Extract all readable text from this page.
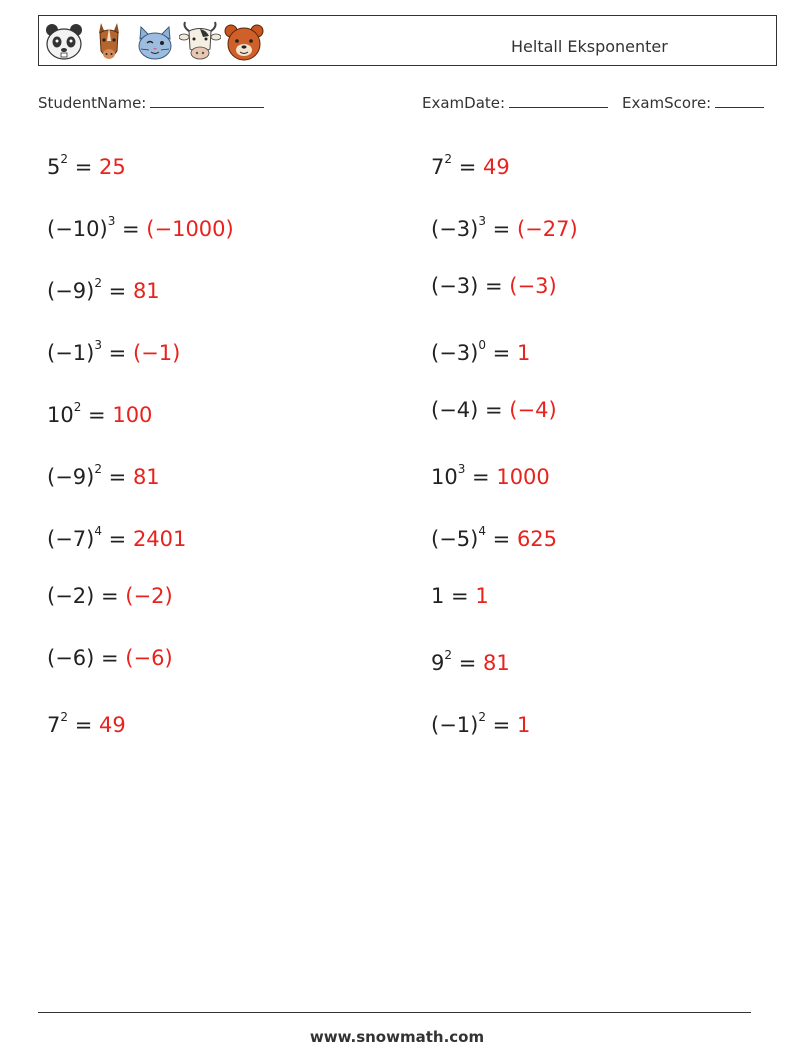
Heltall Eksponenter
StudentName:	ExamDate:	ExamScore:
$5^2 = 25$
$(-10)^3 = (-1000)$
$(-9)^2 = 81$
$(-1)^3 = (-1)$
$10^2 = 100$
$(-9)^2 = 81$
$(-7)^4 = 2401$
(−2) = (−2)
(−6) = (−6)
$7^2 = 49$
$7^2 = 49$
$(-3)^3 = (-27)$
(−3) = (−3)
$(-3)^0 = 1$
(−4) = (−4)
$10^3 = 1000$
$(-5)^4 = 625$
1 = 1
$9^2 = 81$
$(-1)^2 = 1$
www.snowmath.com
